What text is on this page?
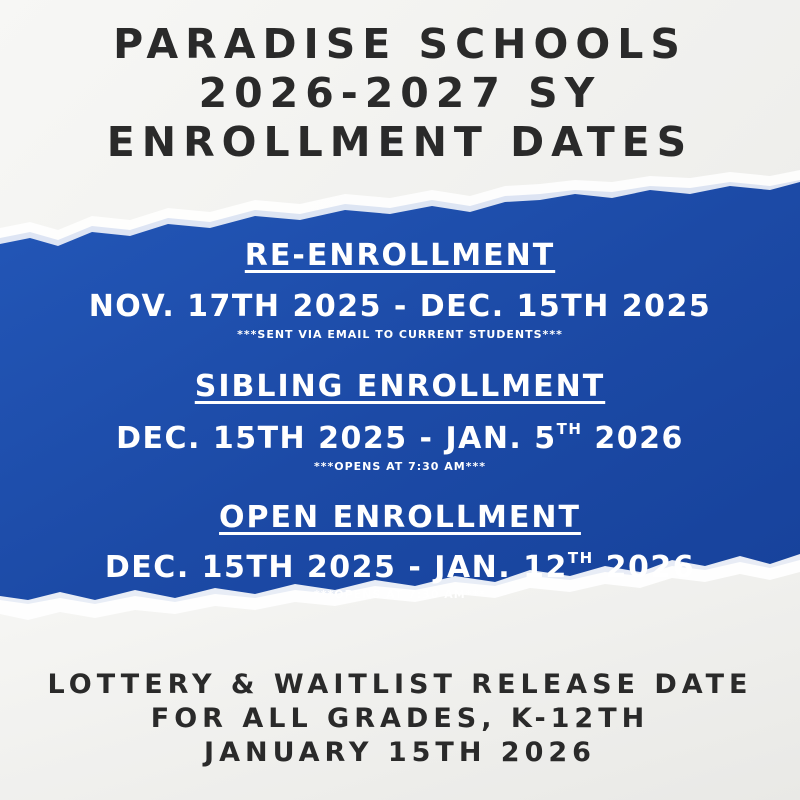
PARADISE SCHOOLS
2026-2027 SY
ENROLLMENT DATES
RE-ENROLLMENT
NOV. 17TH 2025 - DEC. 15TH 2025
***SENT VIA EMAIL TO CURRENT STUDENTS***
SIBLING ENROLLMENT
DEC. 15TH 2025 - JAN. 5TH 2026
***OPENS AT 7:30 AM***
OPEN ENROLLMENT
DEC. 15TH 2025 - JAN. 12TH 2026
***OPENS AT 7:30 AM***
LOTTERY & WAITLIST RELEASE DATE
FOR ALL GRADES, K-12TH
JANUARY 15TH 2026
